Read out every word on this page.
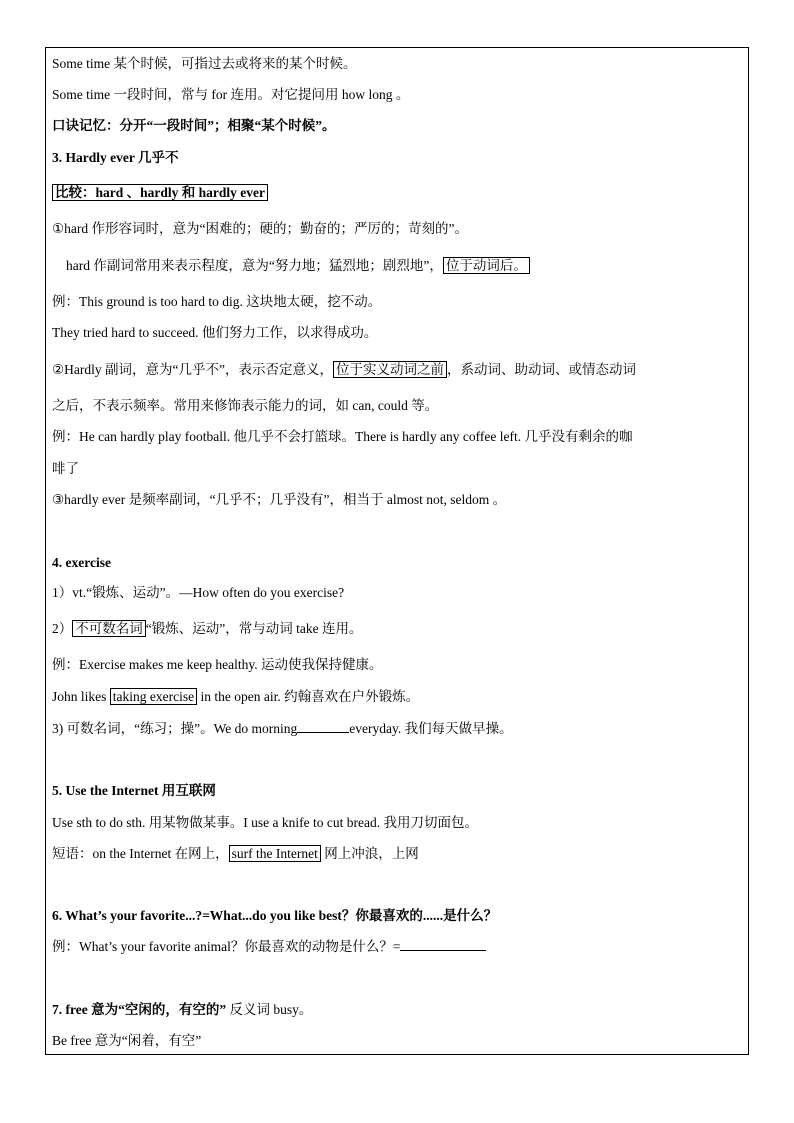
Some time 某个时候，可指过去或将来的某个时候。
Some time 一段时间，常与 for 连用。对它提问用 how long 。
口诀记忆：分开“一段时间”；相聚“某个时候”。
3. Hardly ever 几乎不
比较：hard 、hardly 和 hardly ever
①hard 作形容词时，意为“困难的；硬的；勤奋的；严厉的；苛刻的”。
hard 作副词常用来表示程度，意为“努力地；猛烈地；剧烈地”， 位于动词后。
例：This ground is too hard to dig. 这块地太硬，挖不动。
They tried hard to succeed. 他们努力工作，以求得成功。
②Hardly 副词，意为“几乎不”，表示否定意义， 位于实义动词之前 ，系动词、助动词、或情态动词
之后，不表示频率。常用来修饰表示能力的词，如 can, could 等。
例：He can hardly play football. 他几乎不会打篮球。There is hardly any coffee left. 几乎没有剩余的咖
啡了
③hardly ever 是频率副词，“几乎不；几乎没有”，相当于 almost not, seldom 。
4. exercise
1）vt.“锻炼、运动”。—How often do you exercise?
2） 不可数名词 “锻炼、运动”，常与动词 take 连用。
例：Exercise makes me keep healthy. 运动使我保持健康。
John likes taking exercise in the open air. 约翰喜欢在户外锻炼。
3) 可数名词，“练习；操”。We do morning	everyday. 我们每天做早操。
5. Use the Internet 用互联网
Use sth to do sth. 用某物做某事。I use a knife to cut bread. 我用刀切面包。
短语：on the Internet 在网上， surf the Internet 网上冲浪，上网
6. What’s your favorite...?=What...do you like best？你最喜欢的......是什么？
例：What’s your favorite animal？你最喜欢的动物是什么？=
7. free 意为“空闲的，有空的” 反义词 busy。
Be free 意为“闲着，有空”
